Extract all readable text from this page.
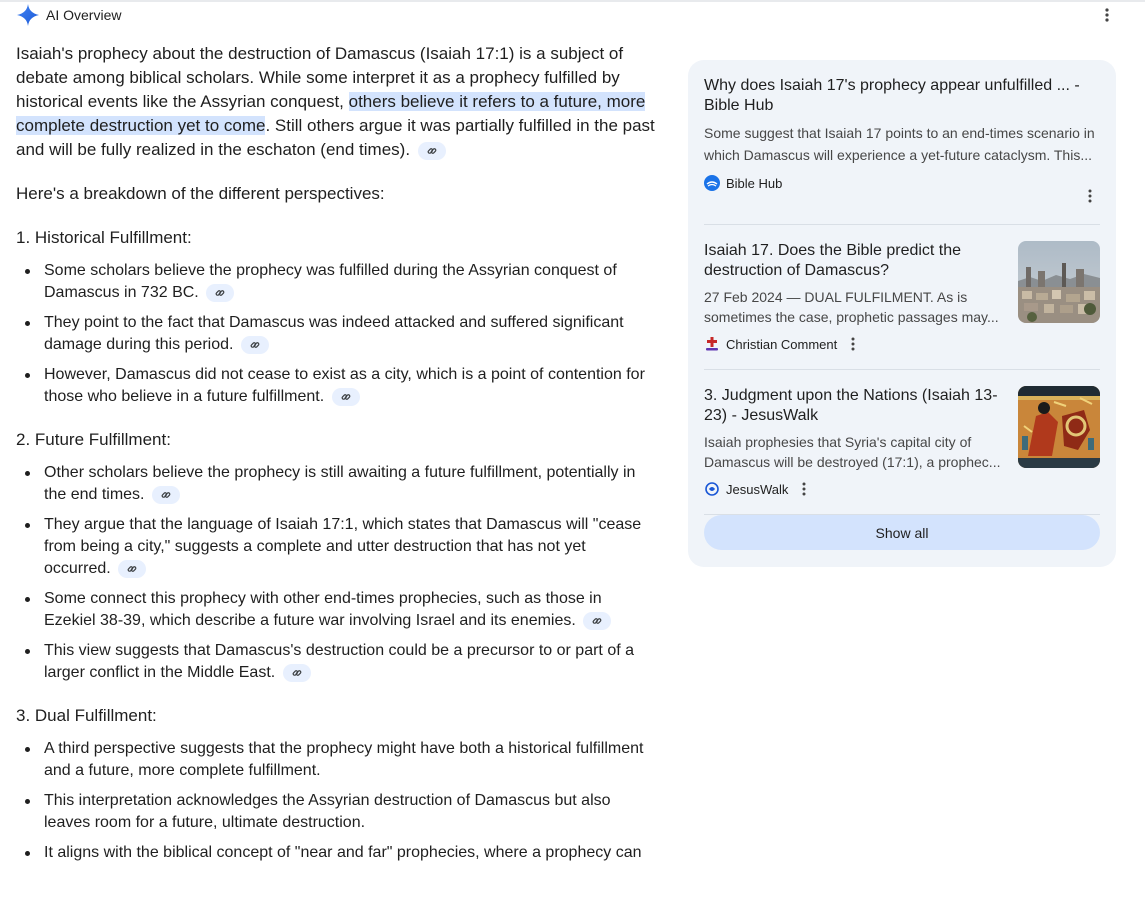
AI Overview

Isaiah's prophecy about the destruction of Damascus (Isaiah 17:1) is a subject of debate among biblical scholars. While some interpret it as a prophecy fulfilled by historical events like the Assyrian conquest, others believe it refers to a future, more complete destruction yet to come. Still others argue it was partially fulfilled in the past and will be fully realized in the eschaton (end times).

Here's a breakdown of the different perspectives:

1. Historical Fulfillment:

Some scholars believe the prophecy was fulfilled during the Assyrian conquest of Damascus in 732 BC.
They point to the fact that Damascus was indeed attacked and suffered significant damage during this period.
However, Damascus did not cease to exist as a city, which is a point of contention for those who believe in a future fulfillment.

2. Future Fulfillment:

Other scholars believe the prophecy is still awaiting a future fulfillment, potentially in the end times.
They argue that the language of Isaiah 17:1, which states that Damascus will "cease from being a city," suggests a complete and utter destruction that has not yet occurred.
Some connect this prophecy with other end-times prophecies, such as those in Ezekiel 38-39, which describe a future war involving Israel and its enemies.
This view suggests that Damascus's destruction could be a precursor to or part of a larger conflict in the Middle East.

3. Dual Fulfillment:

A third perspective suggests that the prophecy might have both a historical fulfillment and a future, more complete fulfillment.
This interpretation acknowledges the Assyrian destruction of Damascus but also leaves room for a future, ultimate destruction.
It aligns with the biblical concept of "near and far" prophecies, where a prophecy can
Why does Isaiah 17's prophecy appear unfulfilled ... - Bible Hub
Some suggest that Isaiah 17 points to an end-times scenario in
which Damascus will experience a yet-future cataclysm. This...
Bible Hub
Isaiah 17. Does the Bible predict the destruction of Damascus?
27 Feb 2024 — DUAL FULFILMENT. As is
sometimes the case, prophetic passages may...
Christian Comment
3. Judgment upon the Nations (Isaiah 13-23) - JesusWalk
Isaiah prophesies that Syria's capital city of
Damascus will be destroyed (17:1), a prophec...
JesusWalk
Show all
